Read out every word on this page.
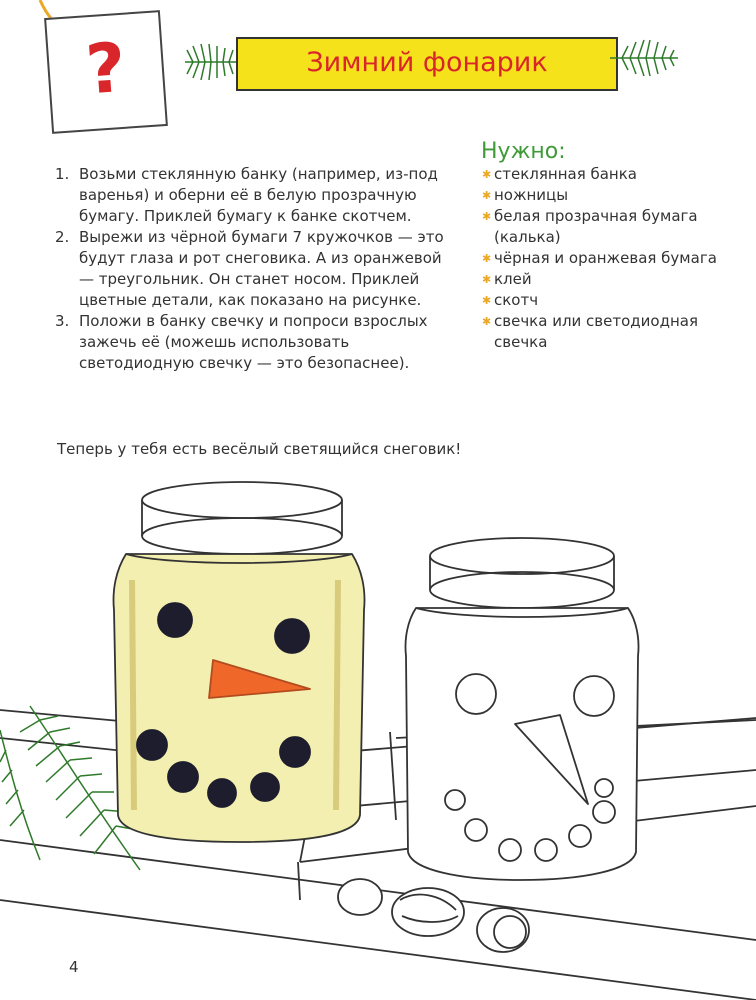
?	Зимний фонарик
1. Возьми стеклянную банку (например, из-под варенья) и оберни её в белую прозрачную бумагу. Приклей бумагу к банке скотчем.
2. Вырежи из чёрной бумаги 7 кружочков — это будут глаза и рот снеговика. А из оранжевой — треугольник. Он станет носом. Приклей цветные детали, как показано на рисунке.
3. Положи в банку свечку и попроси взрослых зажечь её (можешь использовать светодиодную свечку — это безопаснее).
Теперь у тебя есть весёлый светящийся снеговик!
Нужно:
✱ стеклянная банка
✱ ножницы
✱ белая прозрачная бумага (калька)
✱ чёрная и оранжевая бумага
✱ клей
✱ скотч
✱ свечка или светодиодная свечка
4
